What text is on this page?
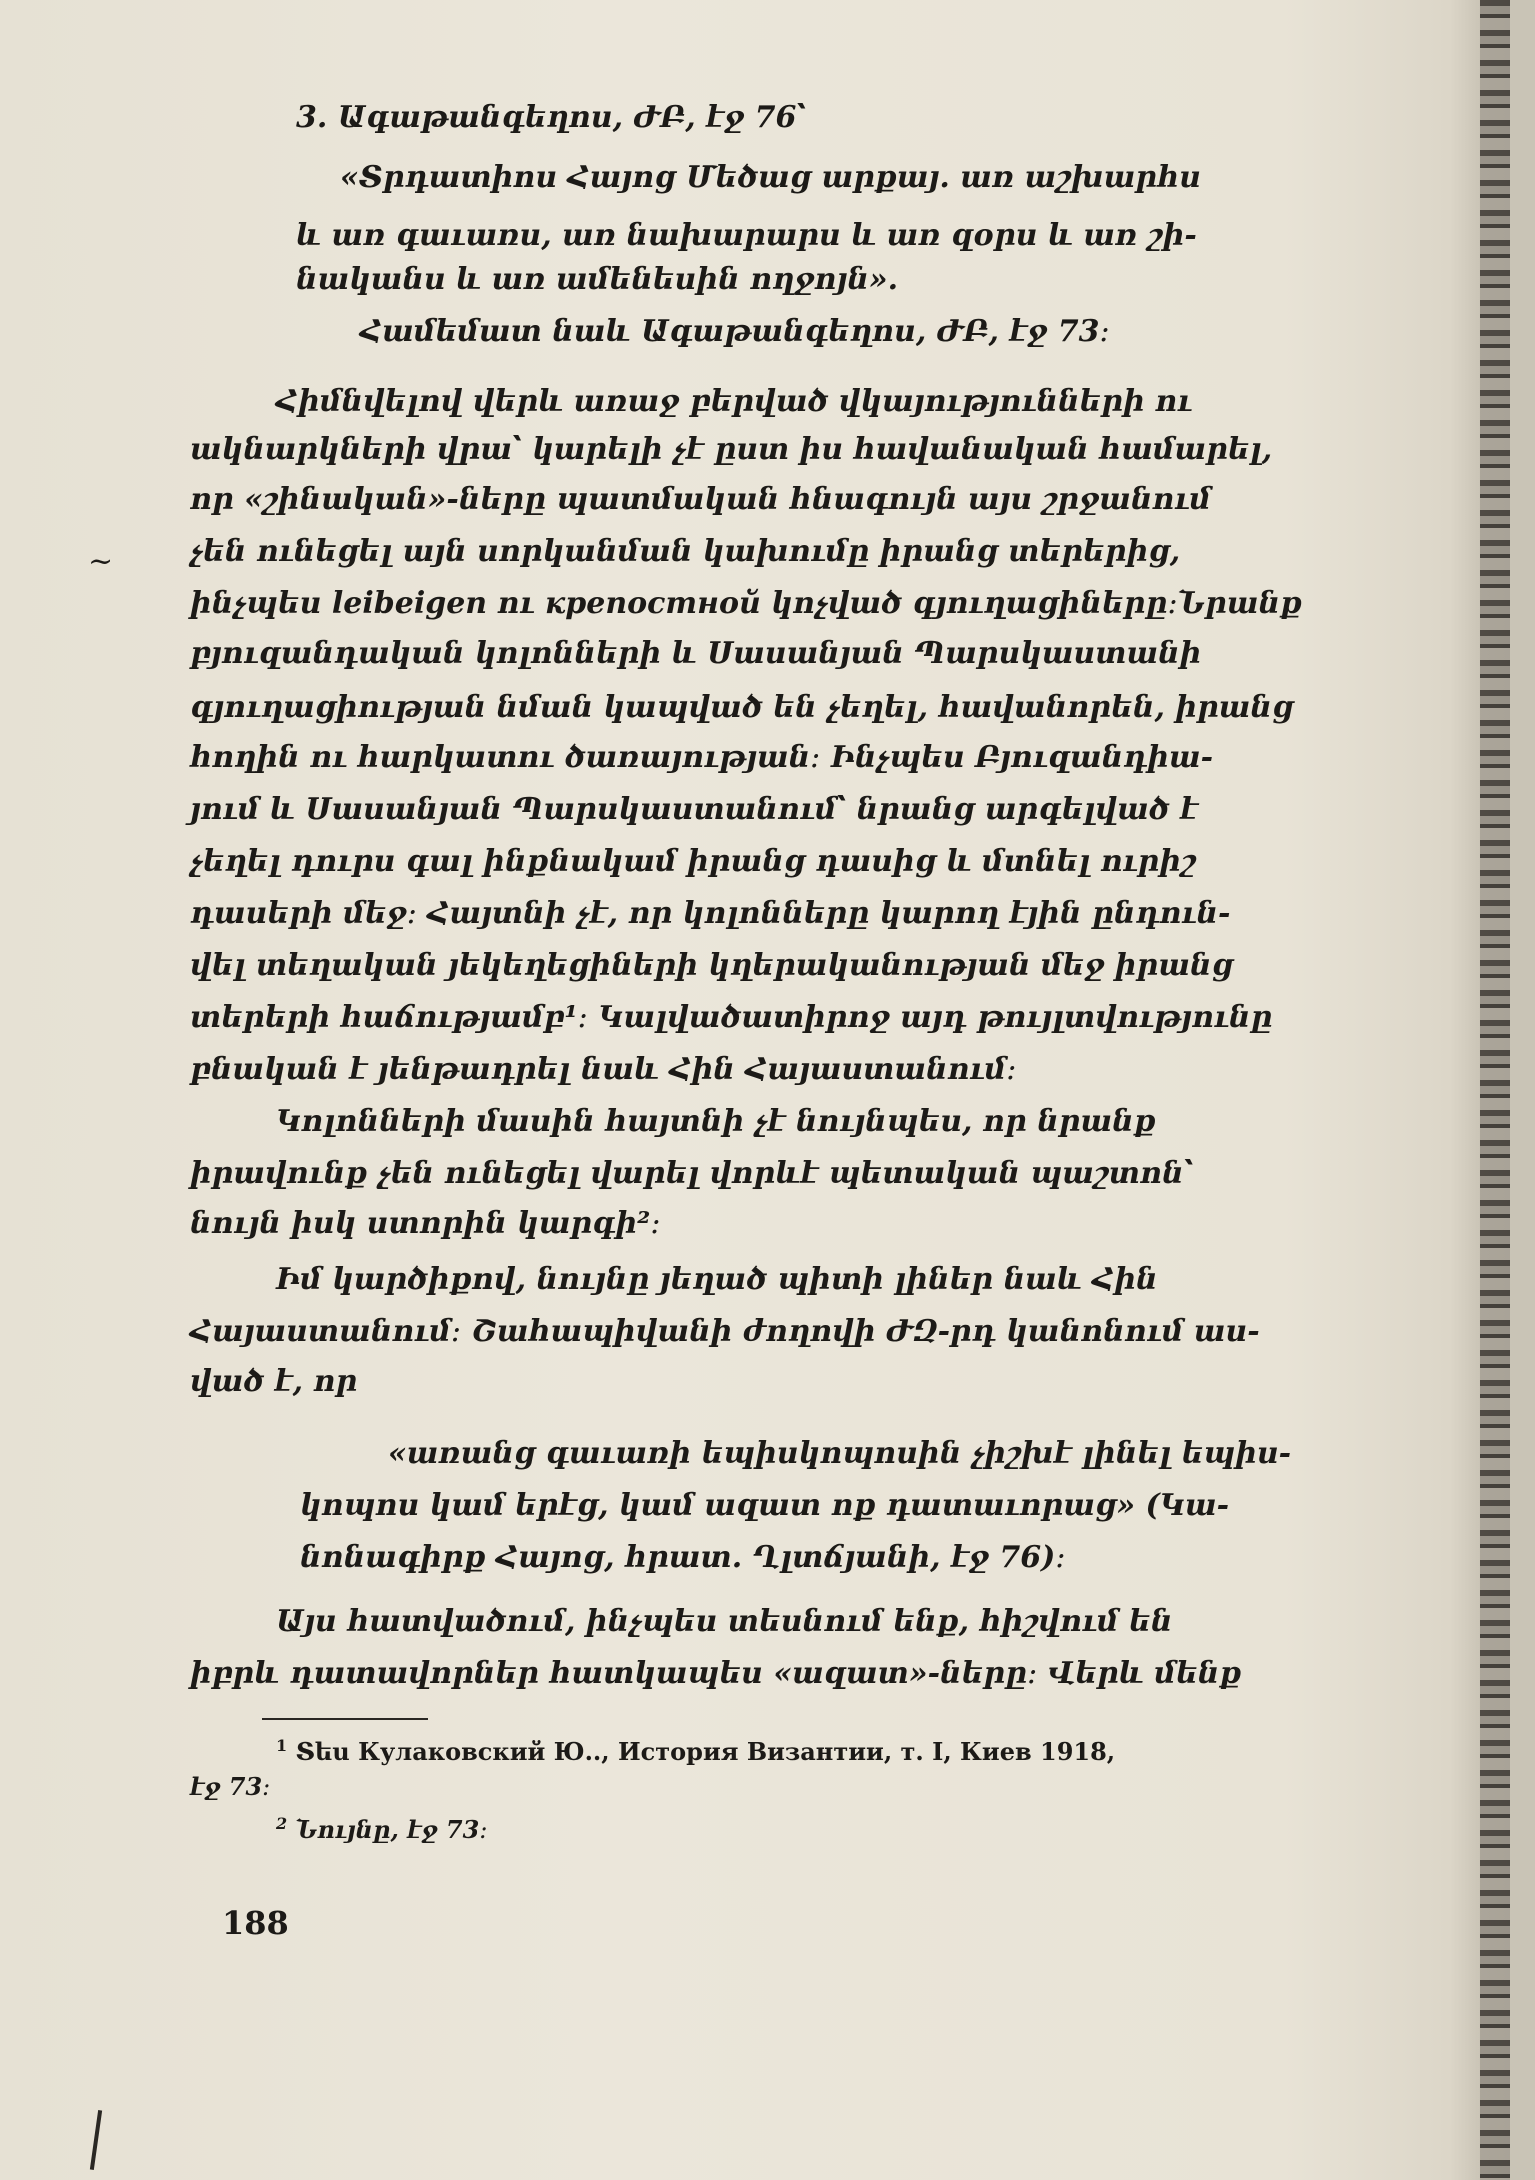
~
3. Ագաթանգեղոս, ԺԲ, էջ 76՝
«Տրդատիոս Հայոց Մեծաց արքայ. առ աշխարհս
և առ գաւառս, առ նախարարս և առ զօրս և առ շի-
նականս և առ ամենեսին ողջոյն».
Համեմատ նաև Ագաթանգեղոս, ԺԲ, էջ 73։
Հիմնվելով վերև առաջ բերված վկայությունների ու
ակնարկների վրա՝ կարելի չէ ըստ իս հավանական համարել,
որ «շինական»-ները պատմական հնագույն այս շրջանում
չեն ունեցել այն սորկանման կախումը իրանց տերերից,
ինչպես leibeigen ու крепостной կոչված գյուղացիները։Նրանք
բյուզանդական կոլոնների և Սասանյան Պարսկաստանի
գյուղացիության նման կապված են չեղել, հավանորեն, իրանց
հողին ու հարկատու ծառայության։ Ինչպես Բյուզանդիա-
յում և Սասանյան Պարսկաստանում՝ նրանց արգելված է
չեղել դուրս գալ ինքնակամ իրանց դասից և մտնել ուրիշ
դասերի մեջ։ Հայտնի չէ, որ կոլոնները կարող էյին ընդուն-
վել տեղական յեկեղեցիների կղերականության մեջ իրանց
տերերի հաճությամբ¹։ Կալվածատիրոջ այդ թույլտվությունը
բնական է յենթադրել նաև Հին Հայաստանում։
Կոլոնների մասին հայտնի չէ նույնպես, որ նրանք
իրավունք չեն ունեցել վարել վորևէ պետական պաշտոն՝
նույն իսկ ստորին կարգի²։
Իմ կարծիքով, նույնը յեղած պիտի լիներ նաև Հին
Հայաստանում։ Շահապիվանի ժողովի ԺԶ-րդ կանոնում աս-
ված է, որ
«առանց գաւառի եպիսկոպոսին չիշխէ լինել եպիս-
կոպոս կամ երէց, կամ ազատ ոք դատաւորաց» (Կա-
նոնագիրք Հայոց, հրատ. Ղլտճյանի, էջ 76)։
Այս հատվածում, ինչպես տեսնում ենք, հիշվում են
իբրև դատավորներ հատկապես «ազատ»-ները։ Վերև մենք
$^1$ Տես Кулаковский Ю.., История Византии, т. I, Киев 1918,
էջ 73։
$^2$ Նույնը, էջ 73։
188
